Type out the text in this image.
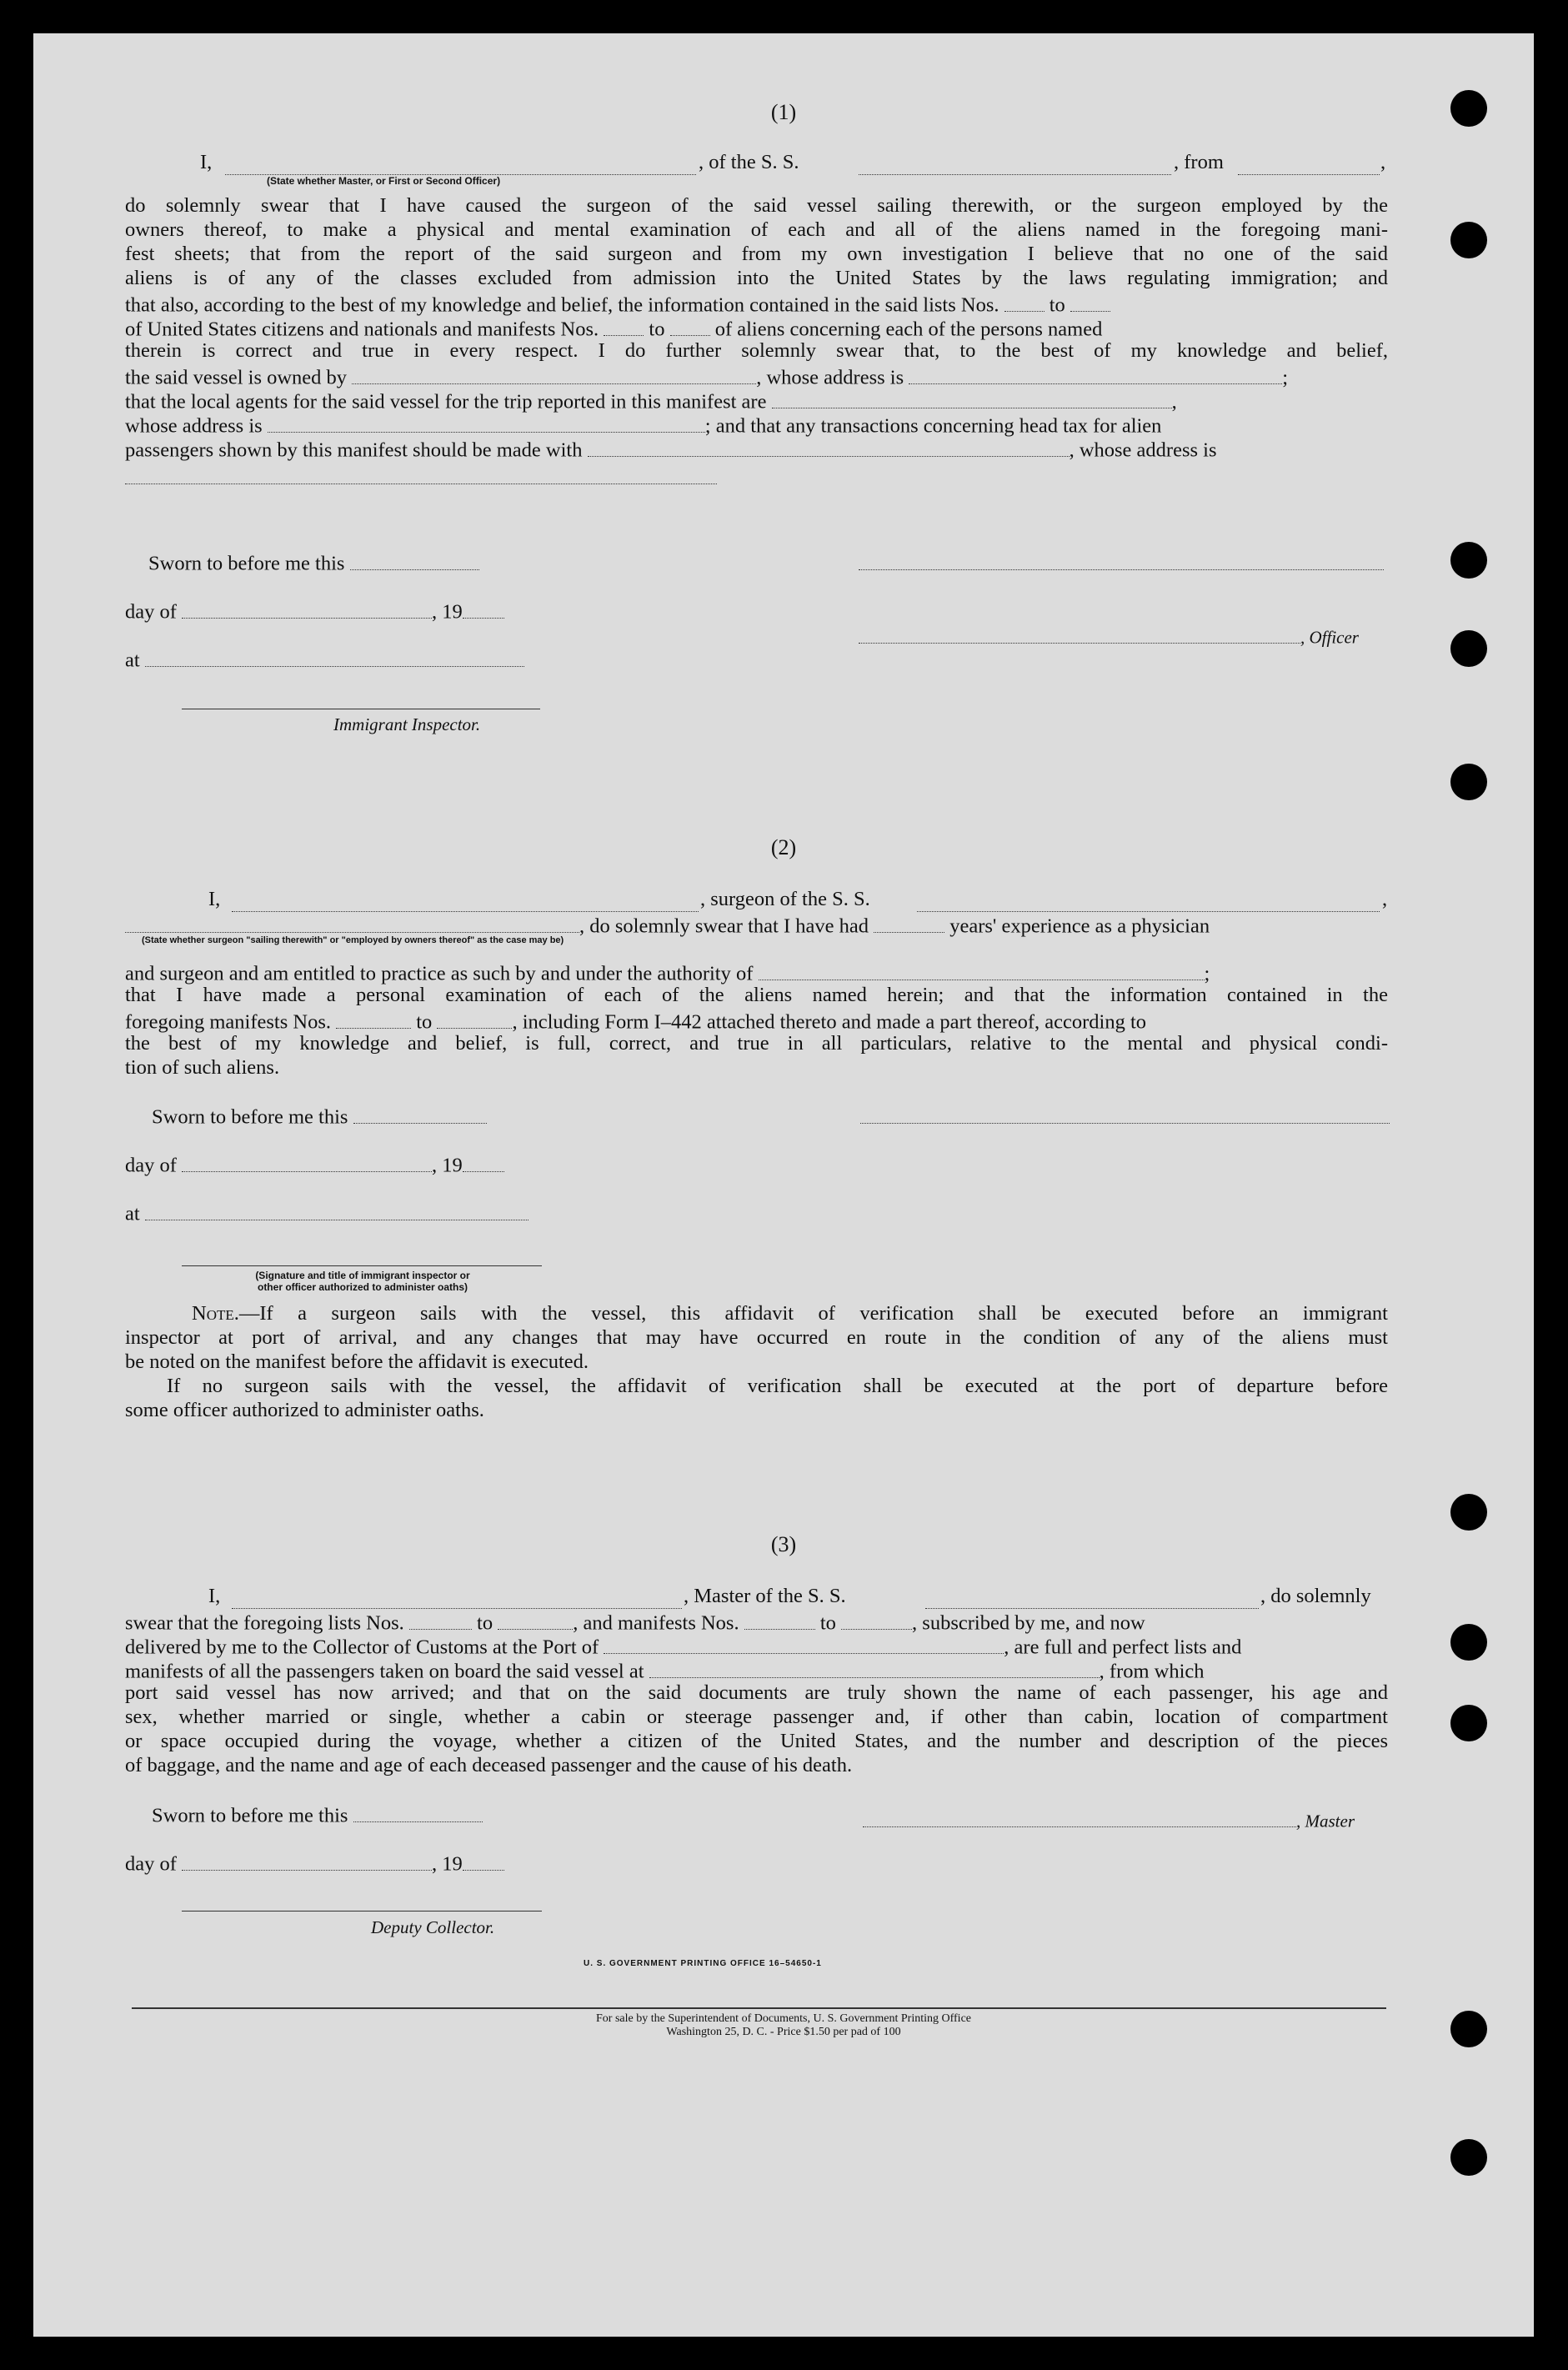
​
(1)
I,	, of the S. S.	, from	,
(State whether Master, or First or Second Officer)
do solemnly swear that I have caused the surgeon of the said vessel sailing therewith, or the surgeon employed by the
owners thereof, to make a physical and mental examination of each and all of the aliens named in the foregoing mani-
fest sheets; that from the report of the said surgeon and from my own investigation I believe that no one of the said
aliens is of any of the classes excluded from admission into the United States by the laws regulating immigration; and
that also, according to the best of my knowledge and belief, the information contained in the said lists Nos. to
of United States citizens and nationals and manifests Nos. to of aliens concerning each of the persons named
therein is correct and true in every respect. I do further solemnly swear that, to the best of my knowledge and belief,
the said vessel is owned by	, whose address is	;
that the local agents for the said vessel for the trip reported in this manifest are	,
whose address is	; and that any transactions concerning head tax for alien
passengers shown by this manifest should be made with	, whose address is
Sworn to before me this
day of	, 19
, Officer
at
Immigrant Inspector.
(2)
I,	, surgeon of the S. S.	,
, do solemnly swear that I have had	years' experience as a physician
(State whether surgeon "sailing therewith" or "employed by owners thereof" as the case may be)
and surgeon and am entitled to practice as such by and under the authority of	;
that I have made a personal examination of each of the aliens named herein; and that the information contained in the
foregoing manifests Nos.	to	, including Form I–442 attached thereto and made a part thereof, according to
the best of my knowledge and belief, is full, correct, and true in all particulars, relative to the mental and physical condi-
tion of such aliens.
Sworn to before me this
day of	, 19
at
(Signature and title of immigrant inspector or
other officer authorized to administer oaths)
Note.—If a surgeon sails with the vessel, this affidavit of verification shall be executed before an immigrant
inspector at port of arrival, and any changes that may have occurred en route in the condition of any of the aliens must
be noted on the manifest before the affidavit is executed.
If no surgeon sails with the vessel, the affidavit of verification shall be executed at the port of departure before
some officer authorized to administer oaths.
(3)
I,	, Master of the S. S.	, do solemnly
swear that the foregoing lists Nos.	to	, and manifests Nos.	to	, subscribed by me, and now
delivered by me to the Collector of Customs at the Port of	, are full and perfect lists and
manifests of all the passengers taken on board the said vessel at	, from which
port said vessel has now arrived; and that on the said documents are truly shown the name of each passenger, his age and
sex, whether married or single, whether a cabin or steerage passenger and, if other than cabin, location of compartment
or space occupied during the voyage, whether a citizen of the United States, and the number and description of the pieces
of baggage, and the name and age of each deceased passenger and the cause of his death.
Sworn to before me this	, Master
day of	, 19
Deputy Collector.
U. S. GOVERNMENT PRINTING OFFICE 16–54650-1
For sale by the Superintendent of Documents, U. S. Government Printing Office
Washington 25, D. C. - Price $1.50 per pad of 100
